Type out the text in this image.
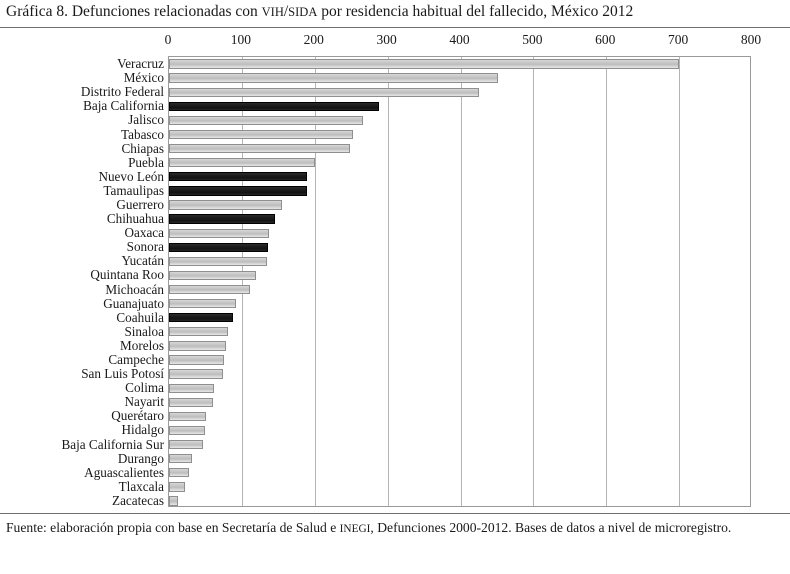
Gráfica 8. Defunciones relacionadas con VIH/SIDA por residencia habitual del fallecido, México 2012
Veracruz
México
Distrito Federal
Baja California
Jalisco
Tabasco
Chiapas
Puebla
Nuevo León
Tamaulipas
Guerrero
Chihuahua
Oaxaca
Sonora
Yucatán
Quintana Roo
Michoacán
Guanajuato
Coahuila
Sinaloa
Morelos
Campeche
San Luis Potosí
Colima
Nayarit
Querétaro
Hidalgo
Baja California Sur
Durango
Aguascalientes
Tlaxcala
Zacatecas
0	100	200	300	400	500	600	700	800
Fuente: elaboración propia con base en Secretaría de Salud e INEGI, Defunciones 2000-2012. Bases de datos a nivel de microregistro.
